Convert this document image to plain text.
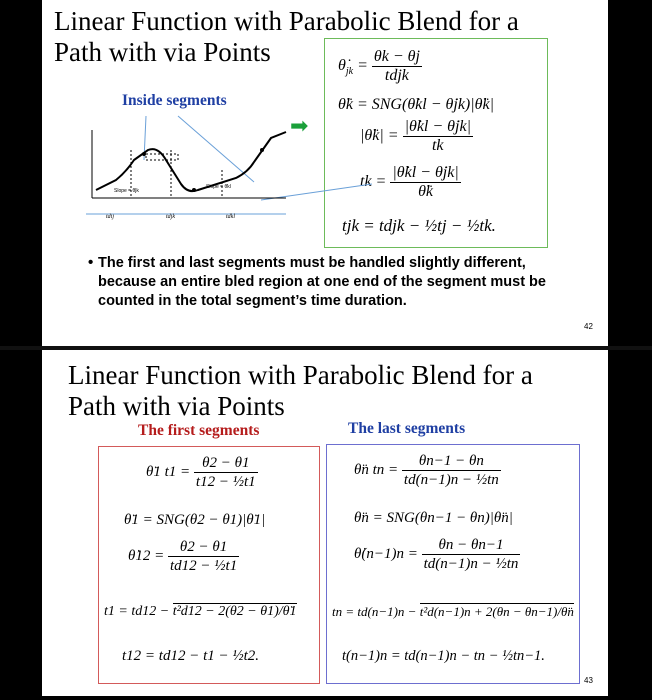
Linear Function with Parabolic Blend for a
Path with via Points	$\thetȧ_{jk} = \frac{\theta k - \theta j}{\text{tdjk}}$
θ̈k = SNG(θ̇kl − θ̇jk)|θ̈k|
|θ̈k| = $\frac{|\thetȧkl - \thetȧjk|}{tk}$
tk = $\frac{|\thetȧkl - \thetȧjk|}{\thetäk}$
tjk = tdjk − ½tj − ½tk.
➡
Inside segments
Slope = θ̇jk
Slope = θ̇kl
tdij	tdjk	tdkl
• The first and last segments must be handled slightly different, because an entire bled region at one end of the segment must be counted in the total segment’s time duration.
42
Linear Function with Parabolic Blend for a
Path with via Points
The first segments	The last segments
θ̈1 $t1 = \frac{\theta 2 - \theta 1}{\text{t12 − ½t1}}$
θ̈1 = SNG(θ2 − θ1)|θ̈1|
θ̇12 = $\frac{\theta 2 - \theta 1}{\text{td12 − ½t1}}$
t1 = td12 − t²d12 − 2(θ2 − θ1)/θ̈1
t12 = td12 − t1 − ½t2.
θ̈n tn = $\frac{\theta n-1 - \theta n}{\text{td(n−1)n − ½tn}}$
θ̈n = SNG(θn−1 − θn)|θ̈n|
θ̇(n−1)n = $\frac{\theta n - \theta n-1}{\text{td(n−1)n − ½tn}}$
tn = td(n−1)n − t²d(n−1)n + 2(θn − θn−1)/θ̈n
t(n−1)n = td(n−1)n − tn − ½tn−1.
43
